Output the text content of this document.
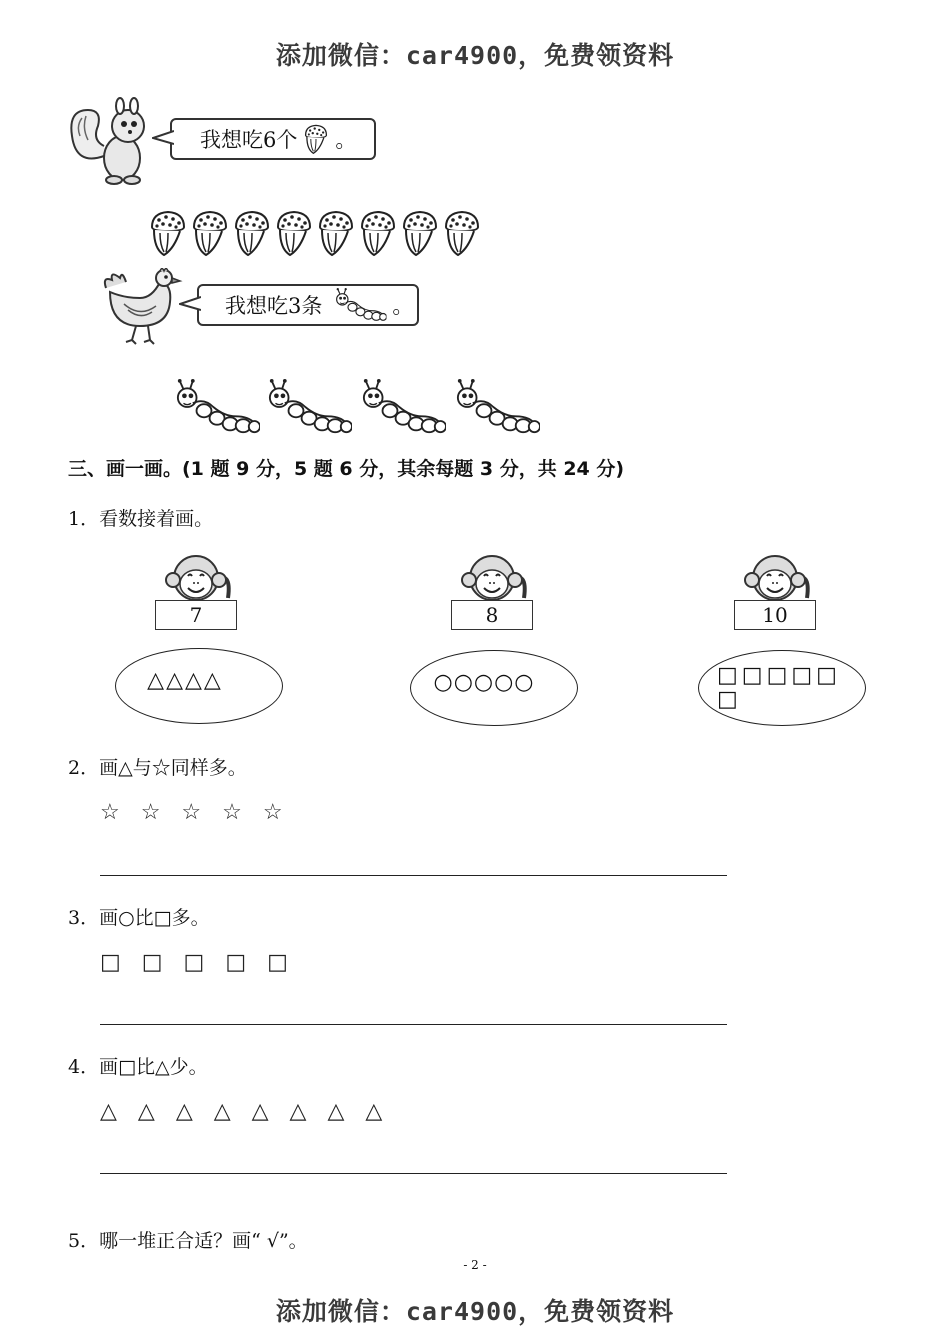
添加微信：car4900，免费领资料
我想吃6个 。
我想吃3条	。
三、画一画。(1 题 9 分，5 题 6 分，其余每题 3 分，共 24 分)
1．看数接着画。
7
△△△△
8
○○○○○
10
□□□□□
□
2．画△与☆同样多。
☆ ☆ ☆ ☆ ☆
3．画○比□多。
□ □ □ □ □
4．画□比△少。
△ △ △ △ △ △ △ △
5．哪一堆正合适？画“ √”。
- 2 -
添加微信：car4900，免费领资料
